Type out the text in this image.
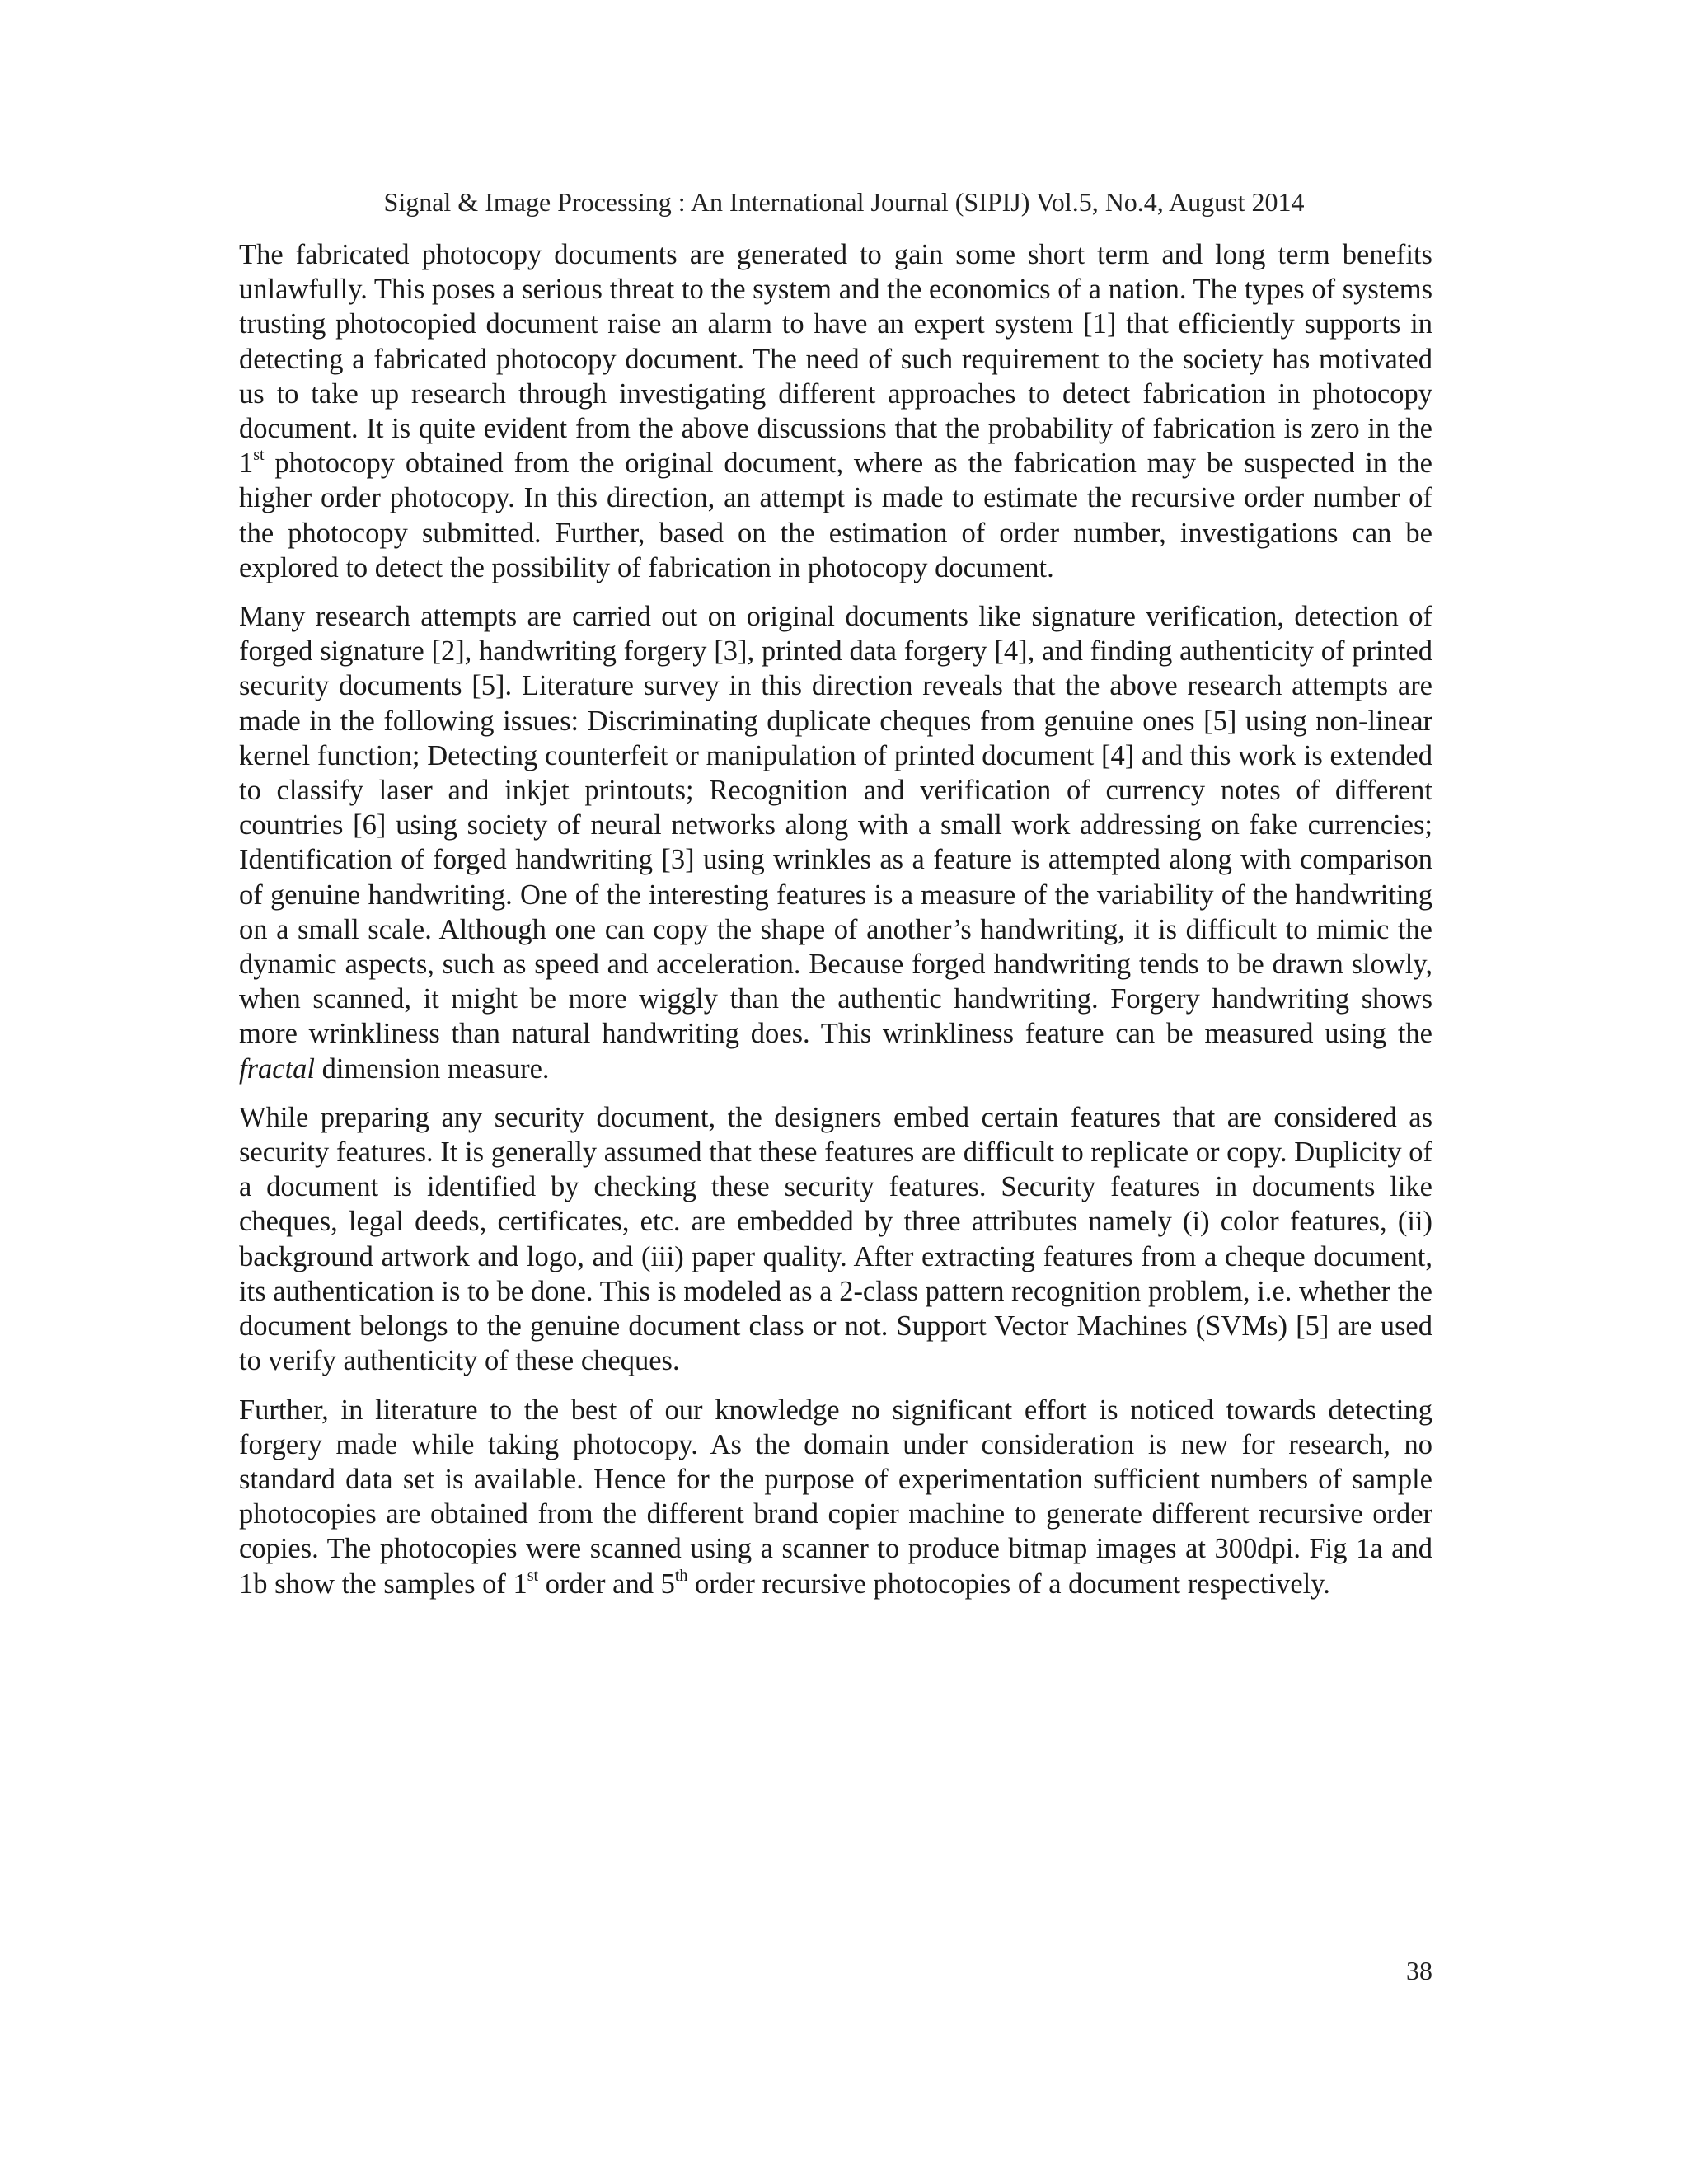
Signal & Image Processing : An International Journal (SIPIJ) Vol.5, No.4, August 2014

The fabricated photocopy documents are generated to gain some short term and long term benefits unlawfully. This poses a serious threat to the system and the economics of a nation. The types of systems trusting photocopied document raise an alarm to have an expert system [1] that efficiently supports in detecting a fabricated photocopy document. The need of such requirement to the society has motivated us to take up research through investigating different approaches to detect fabrication in photocopy document. It is quite evident from the above discussions that the probability of fabrication is zero in the 1st photocopy obtained from the original document, where as the fabrication may be suspected in the higher order photocopy. In this direction, an attempt is made to estimate the recursive order number of the photocopy submitted. Further, based on the estimation of order number, investigations can be explored to detect the possibility of fabrication in photocopy document.

Many research attempts are carried out on original documents like signature verification, detection of forged signature [2], handwriting forgery [3], printed data forgery [4], and finding authenticity of printed security documents [5]. Literature survey in this direction reveals that the above research attempts are made in the following issues: Discriminating duplicate cheques from genuine ones [5] using non-linear kernel function; Detecting counterfeit or manipulation of printed document [4] and this work is extended to classify laser and inkjet printouts; Recognition and verification of currency notes of different countries [6] using society of neural networks along with a small work addressing on fake currencies; Identification of forged handwriting [3] using wrinkles as a feature is attempted along with comparison of genuine handwriting. One of the interesting features is a measure of the variability of the handwriting on a small scale. Although one can copy the shape of another’s handwriting, it is difficult to mimic the dynamic aspects, such as speed and acceleration. Because forged handwriting tends to be drawn slowly, when scanned, it might be more wiggly than the authentic handwriting. Forgery handwriting shows more wrinkliness than natural handwriting does. This wrinkliness feature can be measured using the fractal dimension measure.

While preparing any security document, the designers embed certain features that are considered as security features. It is generally assumed that these features are difficult to replicate or copy. Duplicity of a document is identified by checking these security features. Security features in documents like cheques, legal deeds, certificates, etc. are embedded by three attributes namely (i) color features, (ii) background artwork and logo, and (iii) paper quality. After extracting features from a cheque document, its authentication is to be done. This is modeled as a 2-class pattern recognition problem, i.e. whether the document belongs to the genuine document class or not. Support Vector Machines (SVMs) [5] are used to verify authenticity of these cheques.

Further, in literature to the best of our knowledge no significant effort is noticed towards detecting forgery made while taking photocopy. As the domain under consideration is new for research, no standard data set is available. Hence for the purpose of experimentation sufficient numbers of sample photocopies are obtained from the different brand copier machine to generate different recursive order copies. The photocopies were scanned using a scanner to produce bitmap images at 300dpi. Fig 1a and 1b show the samples of 1st order and 5th order recursive photocopies of a document respectively.

38
